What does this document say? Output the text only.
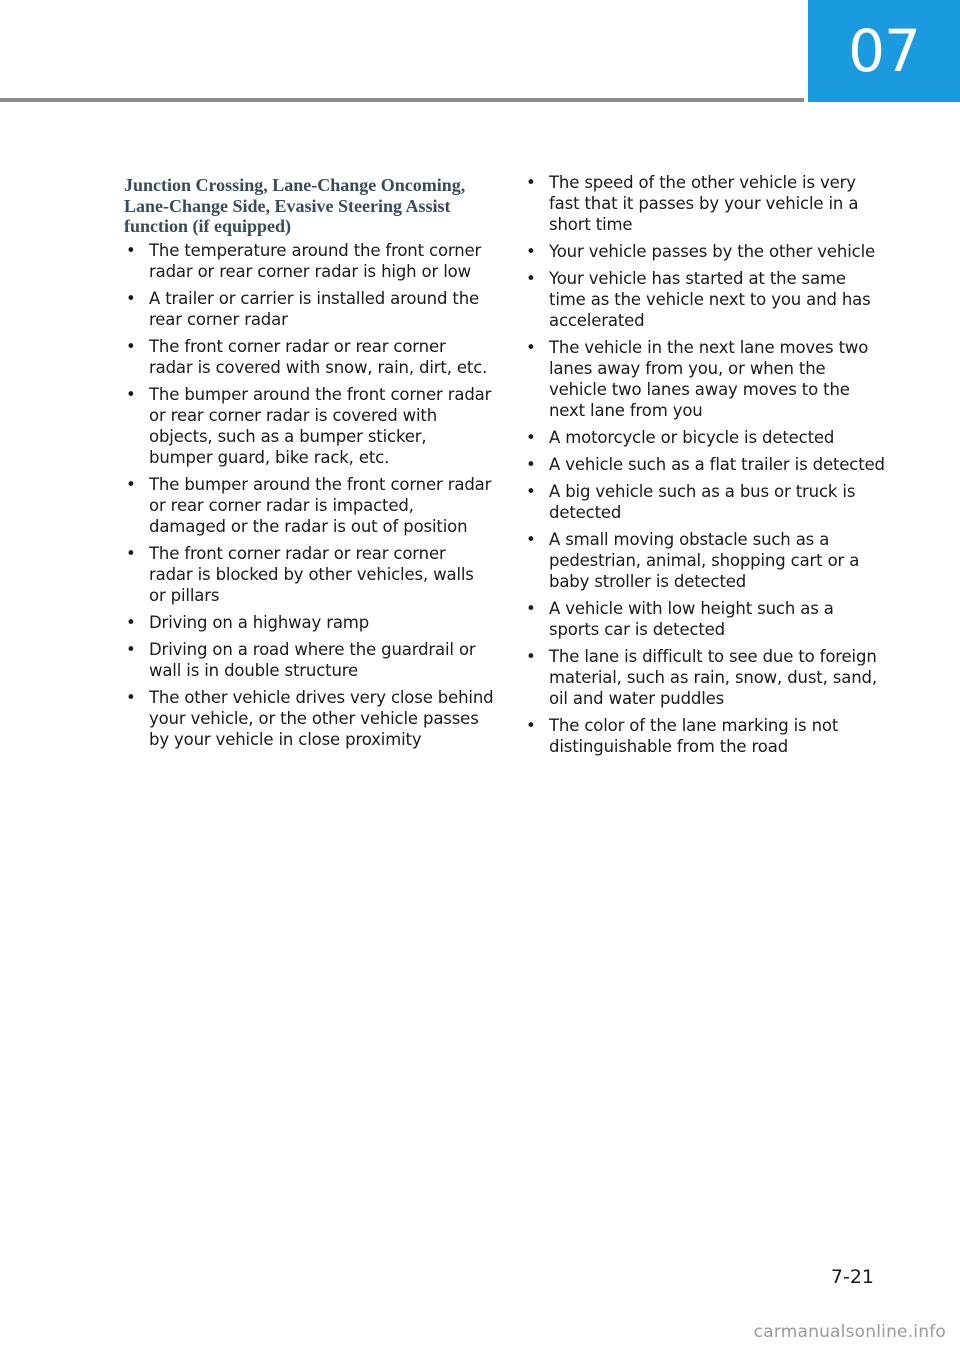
07
Junction Crossing, Lane-Change Oncoming, Lane-Change Side, Evasive Steering Assist function (if equipped)
• The temperature around the front corner radar or rear corner radar is high or low
• A trailer or carrier is installed around the rear corner radar
• The front corner radar or rear corner radar is covered with snow, rain, dirt, etc.
• The bumper around the front corner radar or rear corner radar is covered with objects, such as a bumper sticker, bumper guard, bike rack, etc.
• The bumper around the front corner radar or rear corner radar is impacted, damaged or the radar is out of position
• The front corner radar or rear corner radar is blocked by other vehicles, walls or pillars
• Driving on a highway ramp
• Driving on a road where the guardrail or wall is in double structure
• The other vehicle drives very close behind your vehicle, or the other vehicle passes by your vehicle in close proximity
• The speed of the other vehicle is very fast that it passes by your vehicle in a short time
• Your vehicle passes by the other vehicle
• Your vehicle has started at the same time as the vehicle next to you and has accelerated
• The vehicle in the next lane moves two lanes away from you, or when the vehicle two lanes away moves to the next lane from you
• A motorcycle or bicycle is detected
• A vehicle such as a flat trailer is detected
• A big vehicle such as a bus or truck is detected
• A small moving obstacle such as a pedestrian, animal, shopping cart or a baby stroller is detected
• A vehicle with low height such as a sports car is detected
• The lane is difficult to see due to foreign material, such as rain, snow, dust, sand, oil and water puddles
• The color of the lane marking is not distinguishable from the road
7-21
carmanualsonline.info
